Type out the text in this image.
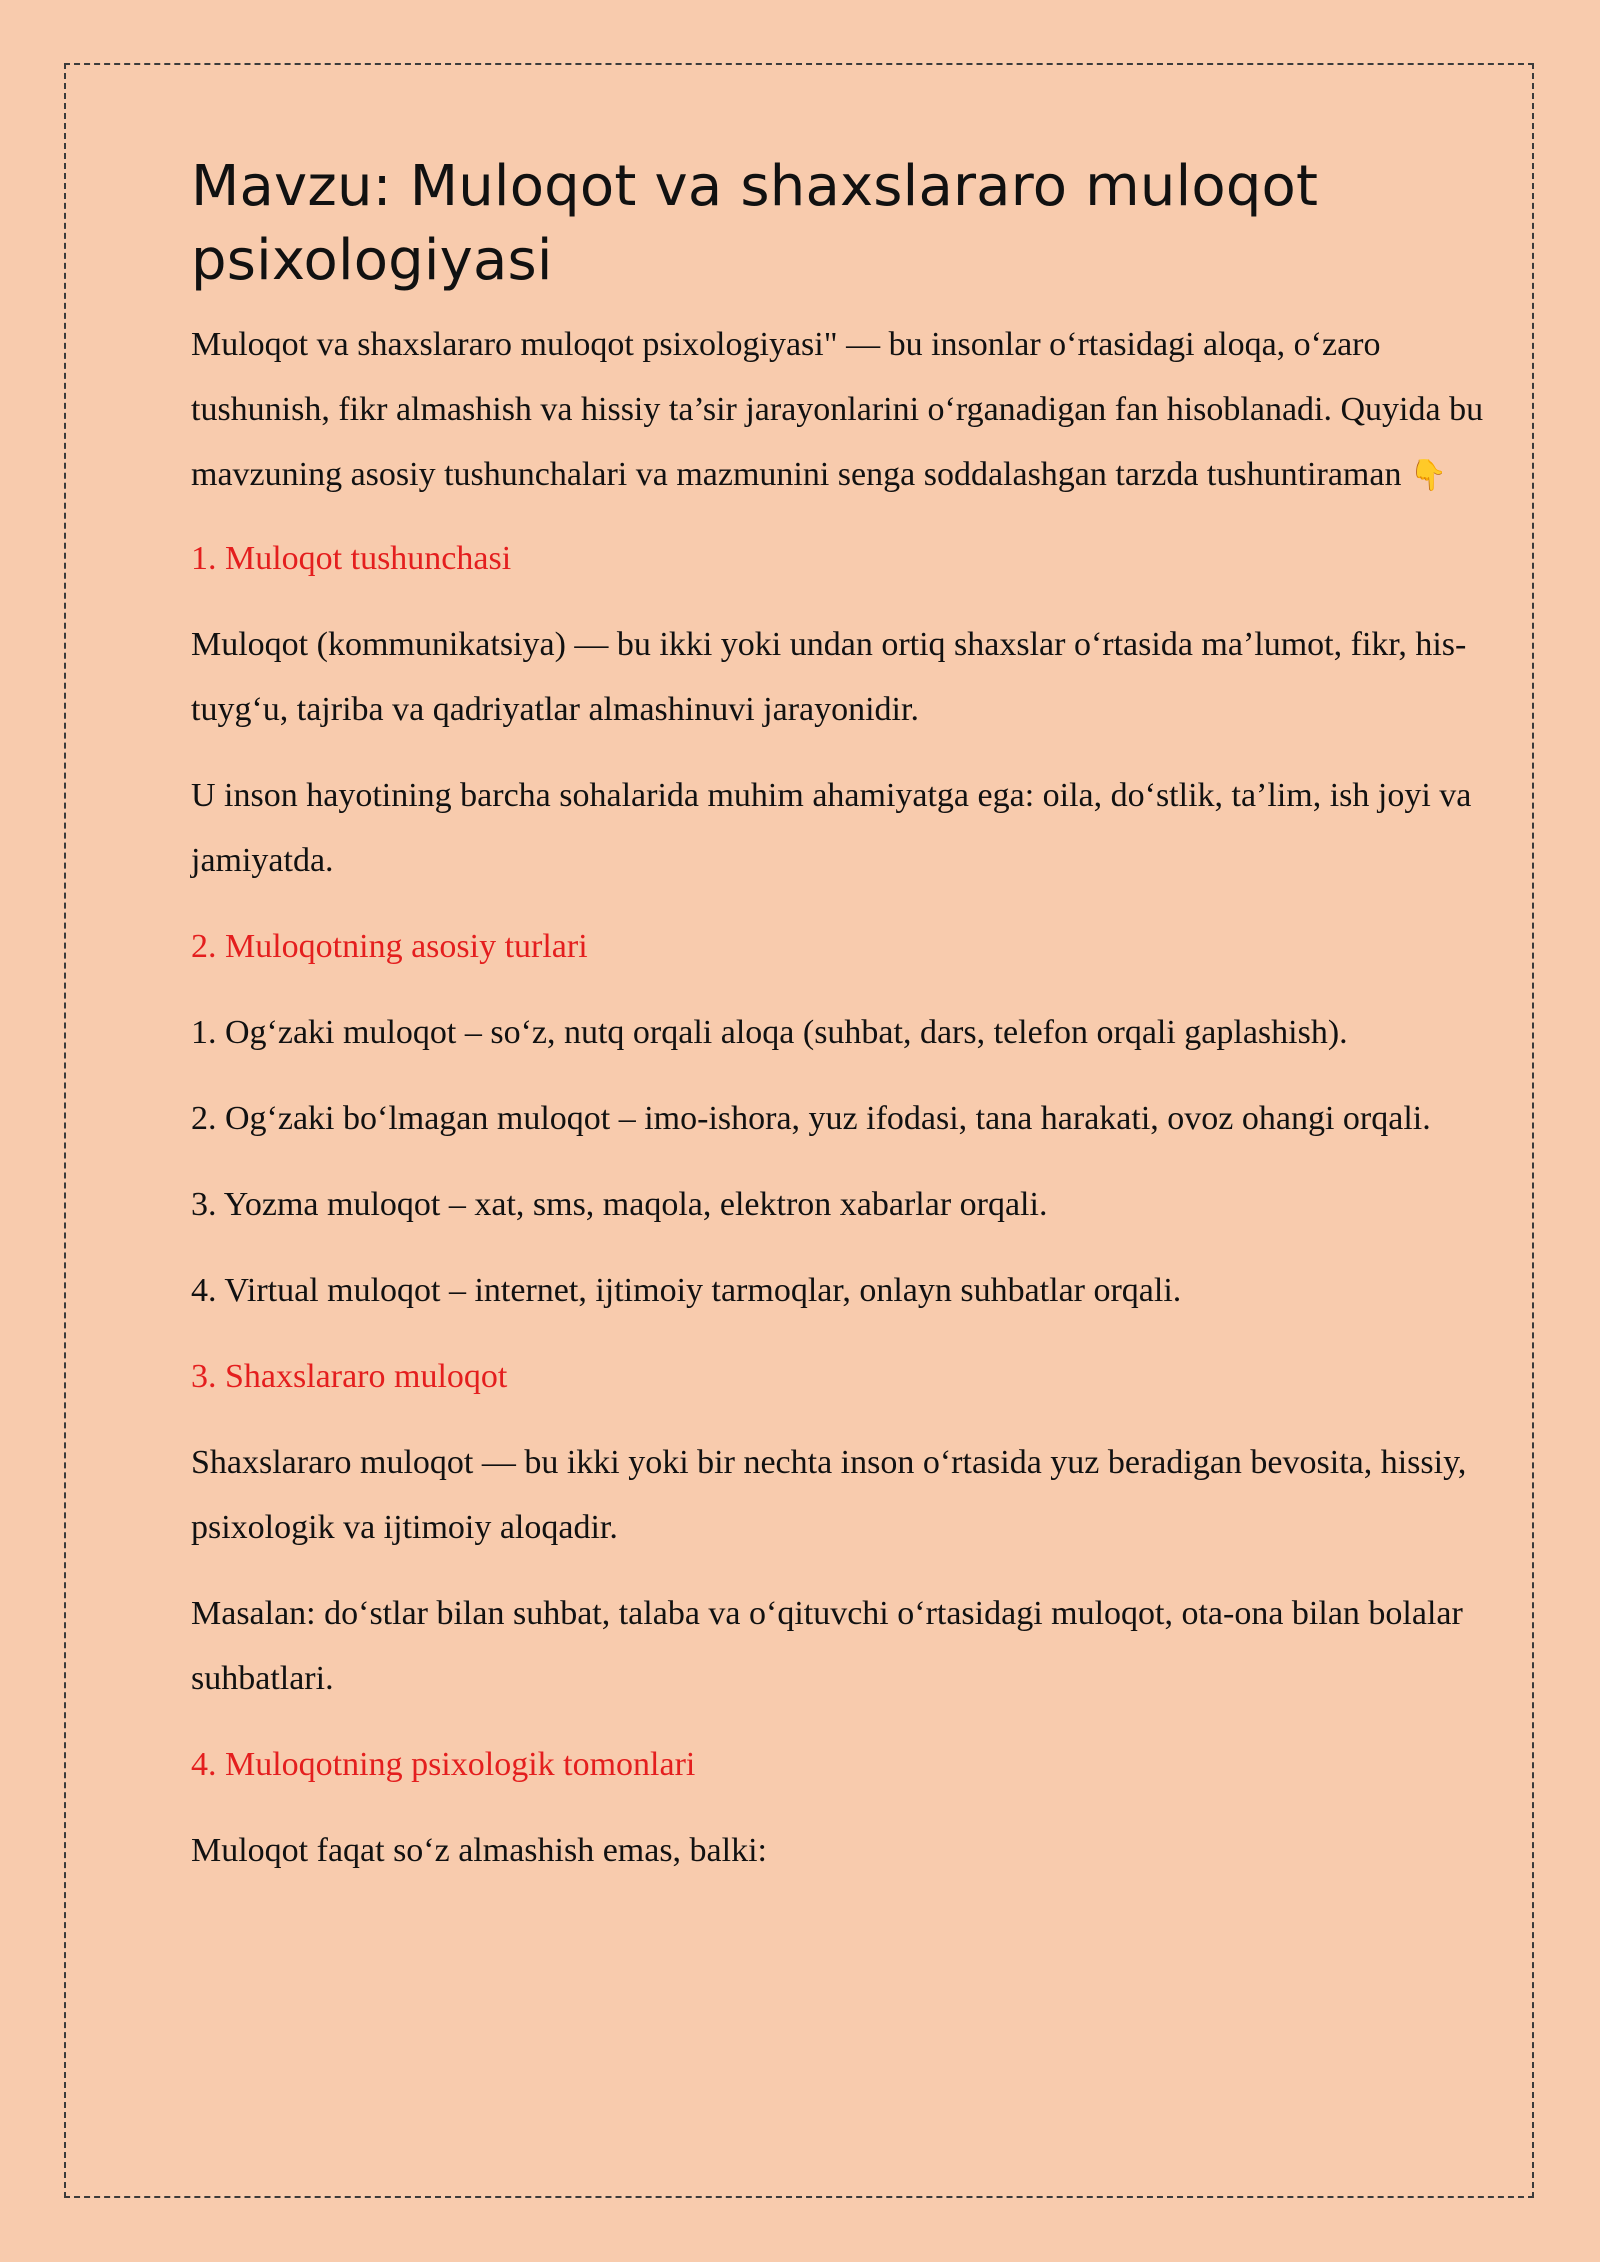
Mavzu: Muloqot va shaxslararo muloqot psixologiyasi

Muloqot va shaxslararo muloqot psixologiyasi" — bu insonlar o‘rtasidagi aloqa, o‘zaro tushunish, fikr almashish va hissiy ta’sir jarayonlarini o‘rganadigan fan hisoblanadi. Quyida bu mavzuning asosiy tushunchalari va mazmunini senga soddalashgan tarzda tushuntiraman 👇

1. Muloqot tushunchasi

Muloqot (kommunikatsiya) — bu ikki yoki undan ortiq shaxslar o‘rtasida ma’lumot, fikr, his-tuyg‘u, tajriba va qadriyatlar almashinuvi jarayonidir.

U inson hayotining barcha sohalarida muhim ahamiyatga ega: oila, do‘stlik, ta’lim, ish joyi va jamiyatda.

2. Muloqotning asosiy turlari

1. Og‘zaki muloqot – so‘z, nutq orqali aloqa (suhbat, dars, telefon orqali gaplashish).

2. Og‘zaki bo‘lmagan muloqot – imo-ishora, yuz ifodasi, tana harakati, ovoz ohangi orqali.

3. Yozma muloqot – xat, sms, maqola, elektron xabarlar orqali.

4. Virtual muloqot – internet, ijtimoiy tarmoqlar, onlayn suhbatlar orqali.

3. Shaxslararo muloqot

Shaxslararo muloqot — bu ikki yoki bir nechta inson o‘rtasida yuz beradigan bevosita, hissiy, psixologik va ijtimoiy aloqadir.

Masalan: do‘stlar bilan suhbat, talaba va o‘qituvchi o‘rtasidagi muloqot, ota-ona bilan bolalar suhbatlari.

4. Muloqotning psixologik tomonlari

Muloqot faqat so‘z almashish emas, balki:
